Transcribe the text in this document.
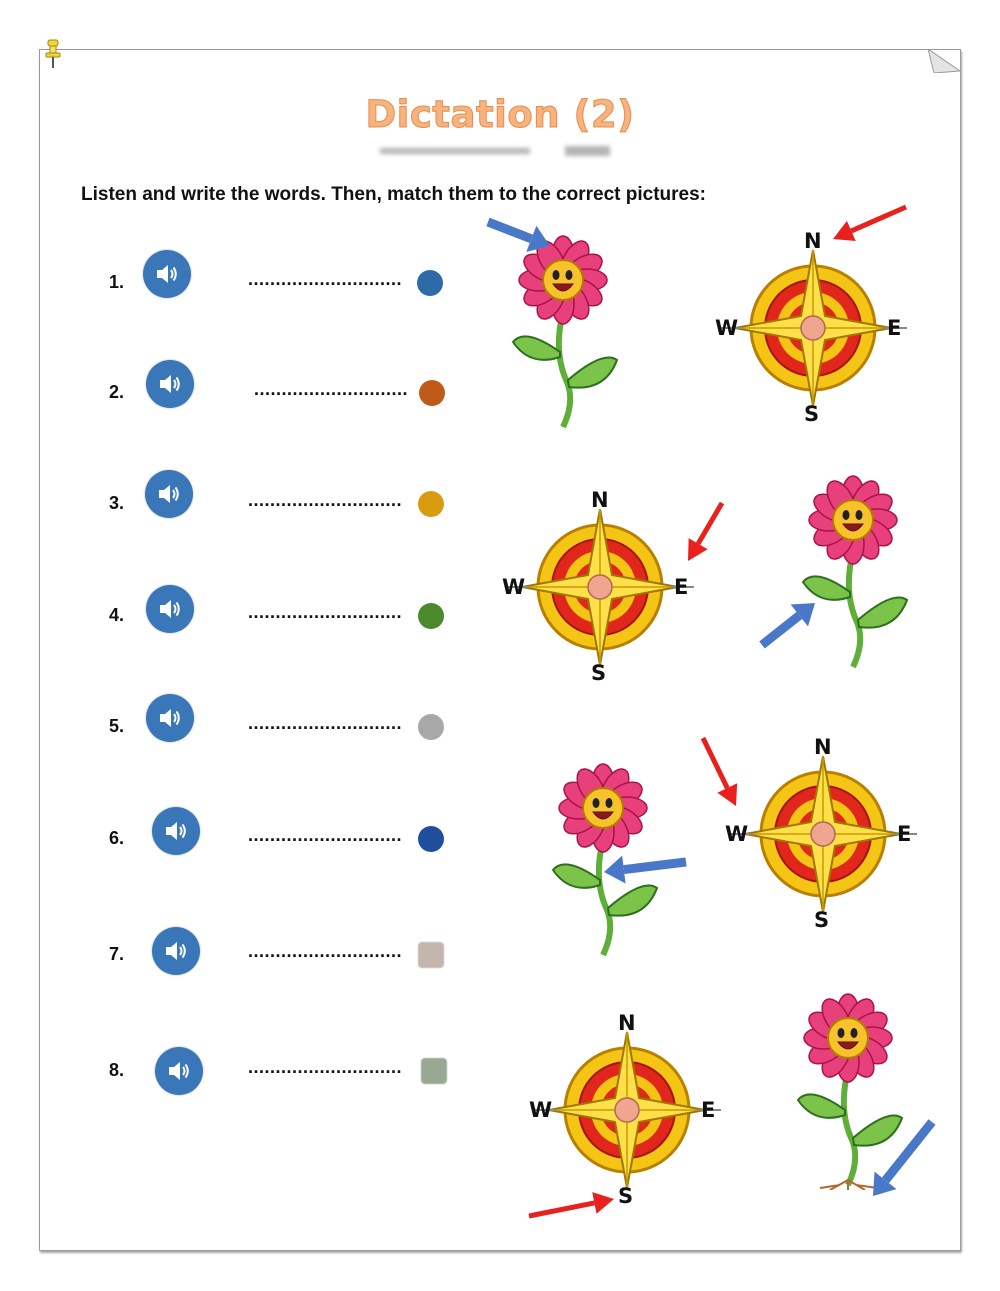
Dictation (2)
Listen and write the words. Then, match them to the correct pictures:
1.	............................
2.	............................
3.	............................
4.	............................
5.	............................
6.	............................
7.	............................
8.	............................
N
S
E
W
N
S
E
W
N
S
E
W
N
S
E
W
